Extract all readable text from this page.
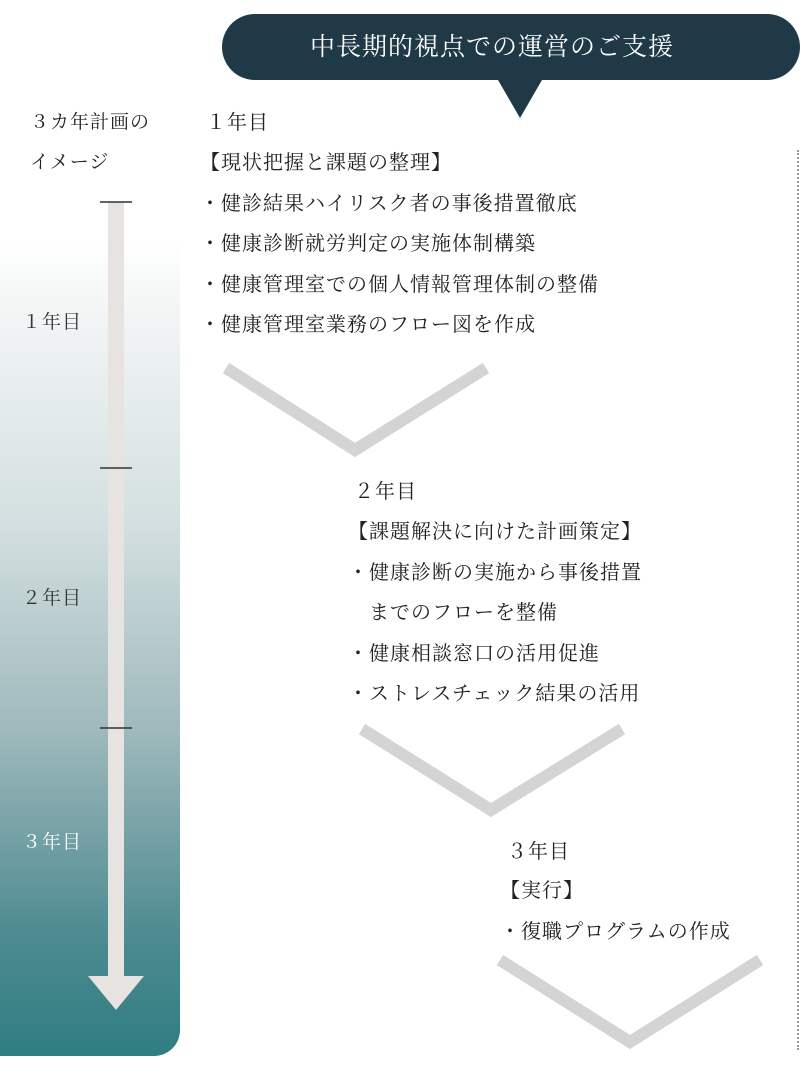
中長期的視点での運営のご支援
３カ年計画の
イメージ
１年目
２年目
３年目
１年目
【現状把握と課題の整理】
・健診結果ハイリスク者の事後措置徹底
・健康診断就労判定の実施体制構築
・健康管理室での個人情報管理体制の整備
・健康管理室業務のフロー図を作成
２年目
【課題解決に向けた計画策定】
・健康診断の実施から事後措置
　までのフローを整備
・健康相談窓口の活用促進
・ストレスチェック結果の活用
３年目
【実行】
・復職プログラムの作成
